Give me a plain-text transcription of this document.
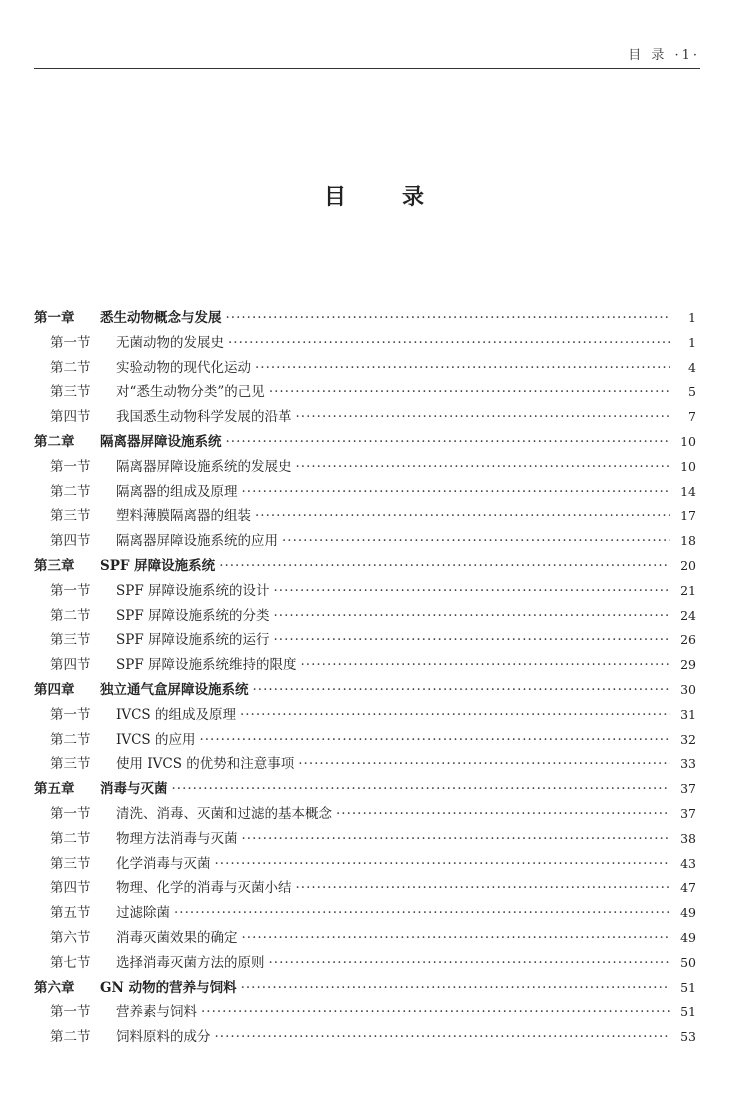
目 录 ·1·
目录
第一章	悉生动物概念与发展 ·····	1
第一节	无菌动物的发展史 ·····	1
第二节	实验动物的现代化运动 ·····	4
第三节	对“悉生动物分类”的己见 ·····	5
第四节	我国悉生动物科学发展的沿革 ·····	7
第二章	隔离器屏障设施系统 ·····	10
第一节	隔离器屏障设施系统的发展史 ·····	10
第二节	隔离器的组成及原理 ·····	14
第三节	塑料薄膜隔离器的组装 ·····	17
第四节	隔离器屏障设施系统的应用 ·····	18
第三章	SPF 屏障设施系统 ·····	20
第一节	SPF 屏障设施系统的设计 ·····	21
第二节	SPF 屏障设施系统的分类 ·····	24
第三节	SPF 屏障设施系统的运行 ·····	26
第四节	SPF 屏障设施系统维持的限度 ·····	29
第四章	独立通气盒屏障设施系统 ·····	30
第一节	IVCS 的组成及原理 ·····	31
第二节	IVCS 的应用 ·····	32
第三节	使用 IVCS 的优势和注意事项 ·····	33
第五章	消毒与灭菌 ·····	37
第一节	清洗、消毒、灭菌和过滤的基本概念 ·····	37
第二节	物理方法消毒与灭菌 ·····	38
第三节	化学消毒与灭菌 ·····	43
第四节	物理、化学的消毒与灭菌小结 ·····	47
第五节	过滤除菌 ·····	49
第六节	消毒灭菌效果的确定 ·····	49
第七节	选择消毒灭菌方法的原则 ·····	50
第六章	GN 动物的营养与饲料 ·····	51
第一节	营养素与饲料 ·····	51
第二节	饲料原料的成分 ·····	53
